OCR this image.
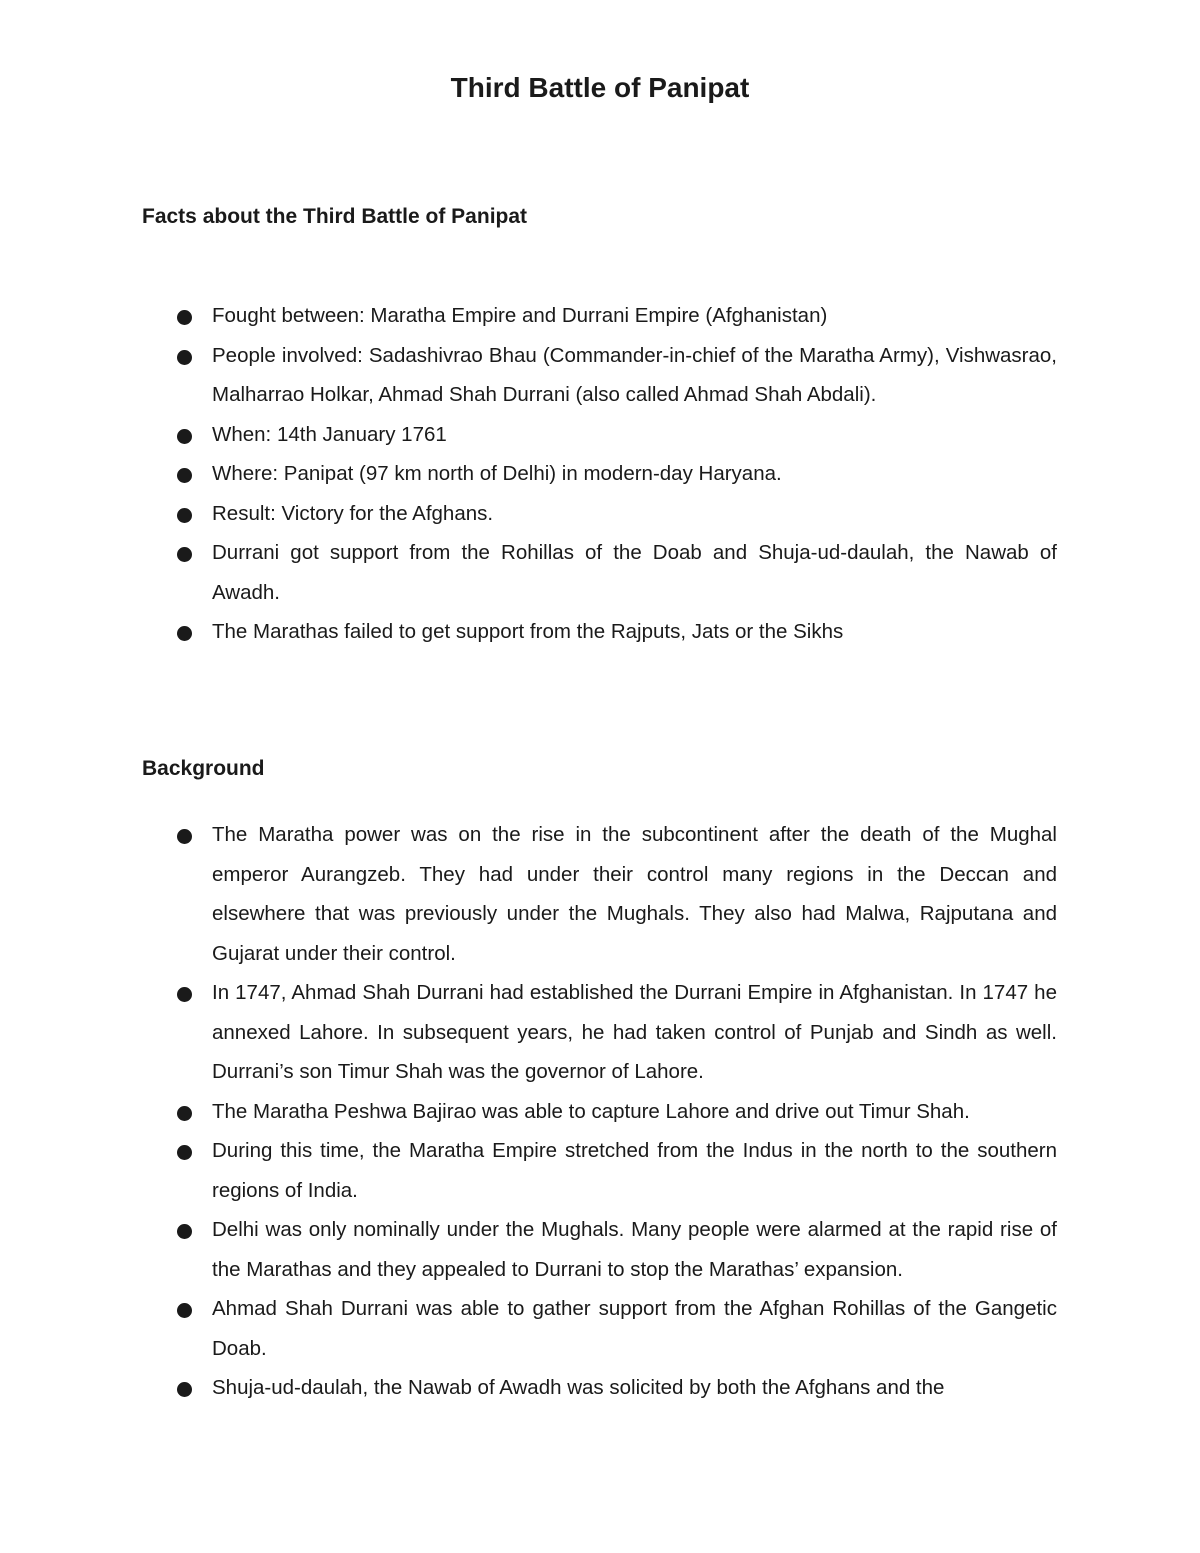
Third Battle of Panipat
Facts about the Third Battle of Panipat
Fought between: Maratha Empire and Durrani Empire (Afghanistan)
People involved: Sadashivrao Bhau (Commander-in-chief of the Maratha Army), Vishwasrao, Malharrao Holkar, Ahmad Shah Durrani (also called Ahmad Shah Abdali).
When: 14th January 1761
Where: Panipat (97 km north of Delhi) in modern-day Haryana.
Result: Victory for the Afghans.
Durrani got support from the Rohillas of the Doab and Shuja-ud-daulah, the Nawab of Awadh.
The Marathas failed to get support from the Rajputs, Jats or the Sikhs
Background
The Maratha power was on the rise in the subcontinent after the death of the Mughal emperor Aurangzeb. They had under their control many regions in the Deccan and elsewhere that was previously under the Mughals. They also had Malwa, Rajputana and Gujarat under their control.
In 1747, Ahmad Shah Durrani had established the Durrani Empire in Afghanistan. In 1747 he annexed Lahore. In subsequent years, he had taken control of Punjab and Sindh as well. Durrani’s son Timur Shah was the governor of Lahore.
The Maratha Peshwa Bajirao was able to capture Lahore and drive out Timur Shah.
During this time, the Maratha Empire stretched from the Indus in the north to the southern regions of India.
Delhi was only nominally under the Mughals. Many people were alarmed at the rapid rise of the Marathas and they appealed to Durrani to stop the Marathas’ expansion.
Ahmad Shah Durrani was able to gather support from the Afghan Rohillas of the Gangetic Doab.
Shuja-ud-daulah, the Nawab of Awadh was solicited by both the Afghans and the
